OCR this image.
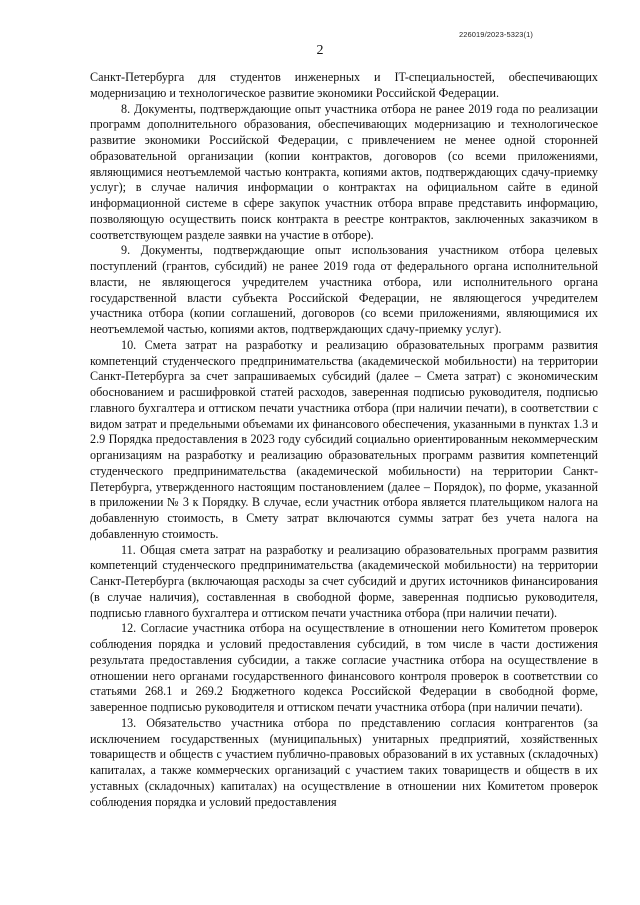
226019/2023-5323(1)
2

Санкт-Петербурга для студентов инженерных и IT-специальностей, обеспечивающих модернизацию и технологическое развитие экономики Российской Федерации.

8. Документы, подтверждающие опыт участника отбора не ранее 2019 года по реализации программ дополнительного образования, обеспечивающих модернизацию и технологическое развитие экономики Российской Федерации, с привлечением не менее одной сторонней образовательной организации (копии контрактов, договоров (со всеми приложениями, являющимися неотъемлемой частью контракта, копиями актов, подтверждающих сдачу-приемку услуг); в случае наличия информации о контрактах на официальном сайте в единой информационной системе в сфере закупок участник отбора вправе представить информацию, позволяющую осуществить поиск контракта в реестре контрактов, заключенных заказчиком в соответствующем разделе заявки на участие в отборе).

9. Документы, подтверждающие опыт использования участником отбора целевых поступлений (грантов, субсидий) не ранее 2019 года от федерального органа исполнительной власти, не являющегося учредителем участника отбора, или исполнительного органа государственной власти субъекта Российской Федерации, не являющегося учредителем участника отбора (копии соглашений, договоров (со всеми приложениями, являющимися их неотъемлемой частью, копиями актов, подтверждающих сдачу-приемку услуг).

10. Смета затрат на разработку и реализацию образовательных программ развития компетенций студенческого предпринимательства (академической мобильности) на территории Санкт-Петербурга за счет запрашиваемых субсидий (далее – Смета затрат) с экономическим обоснованием и расшифровкой статей расходов, заверенная подписью руководителя, подписью главного бухгалтера и оттиском печати участника отбора (при наличии печати), в соответствии с видом затрат и предельными объемами их финансового обеспечения, указанными в пунктах 1.3 и 2.9 Порядка предоставления в 2023 году субсидий социально ориентированным некоммерческим организациям на разработку и реализацию образовательных программ развития компетенций студенческого предпринимательства (академической мобильности) на территории Санкт-Петербурга, утвержденного настоящим постановлением (далее – Порядок), по форме, указанной в приложении № 3 к Порядку. В случае, если участник отбора является плательщиком налога на добавленную стоимость, в Смету затрат включаются суммы затрат без учета налога на добавленную стоимость.

11. Общая смета затрат на разработку и реализацию образовательных программ развития компетенций студенческого предпринимательства (академической мобильности) на территории Санкт-Петербурга (включающая расходы за счет субсидий и других источников финансирования (в случае наличия), составленная в свободной форме, заверенная подписью руководителя, подписью главного бухгалтера и оттиском печати участника отбора (при наличии печати).

12. Согласие участника отбора на осуществление в отношении него Комитетом проверок соблюдения порядка и условий предоставления субсидий, в том числе в части достижения результата предоставления субсидии, а также согласие участника отбора на осуществление в отношении него органами государственного финансового контроля проверок в соответствии со статьями 268.1 и 269.2 Бюджетного кодекса Российской Федерации в свободной форме, заверенное подписью руководителя и оттиском печати участника отбора (при наличии печати).

13. Обязательство участника отбора по представлению согласия контрагентов (за исключением государственных (муниципальных) унитарных предприятий, хозяйственных товариществ и обществ с участием публично-правовых образований в их уставных (складочных) капиталах, а также коммерческих организаций с участием таких товариществ и обществ в их уставных (складочных) капиталах) на осуществление в отношении них Комитетом проверок соблюдения порядка и условий предоставления
